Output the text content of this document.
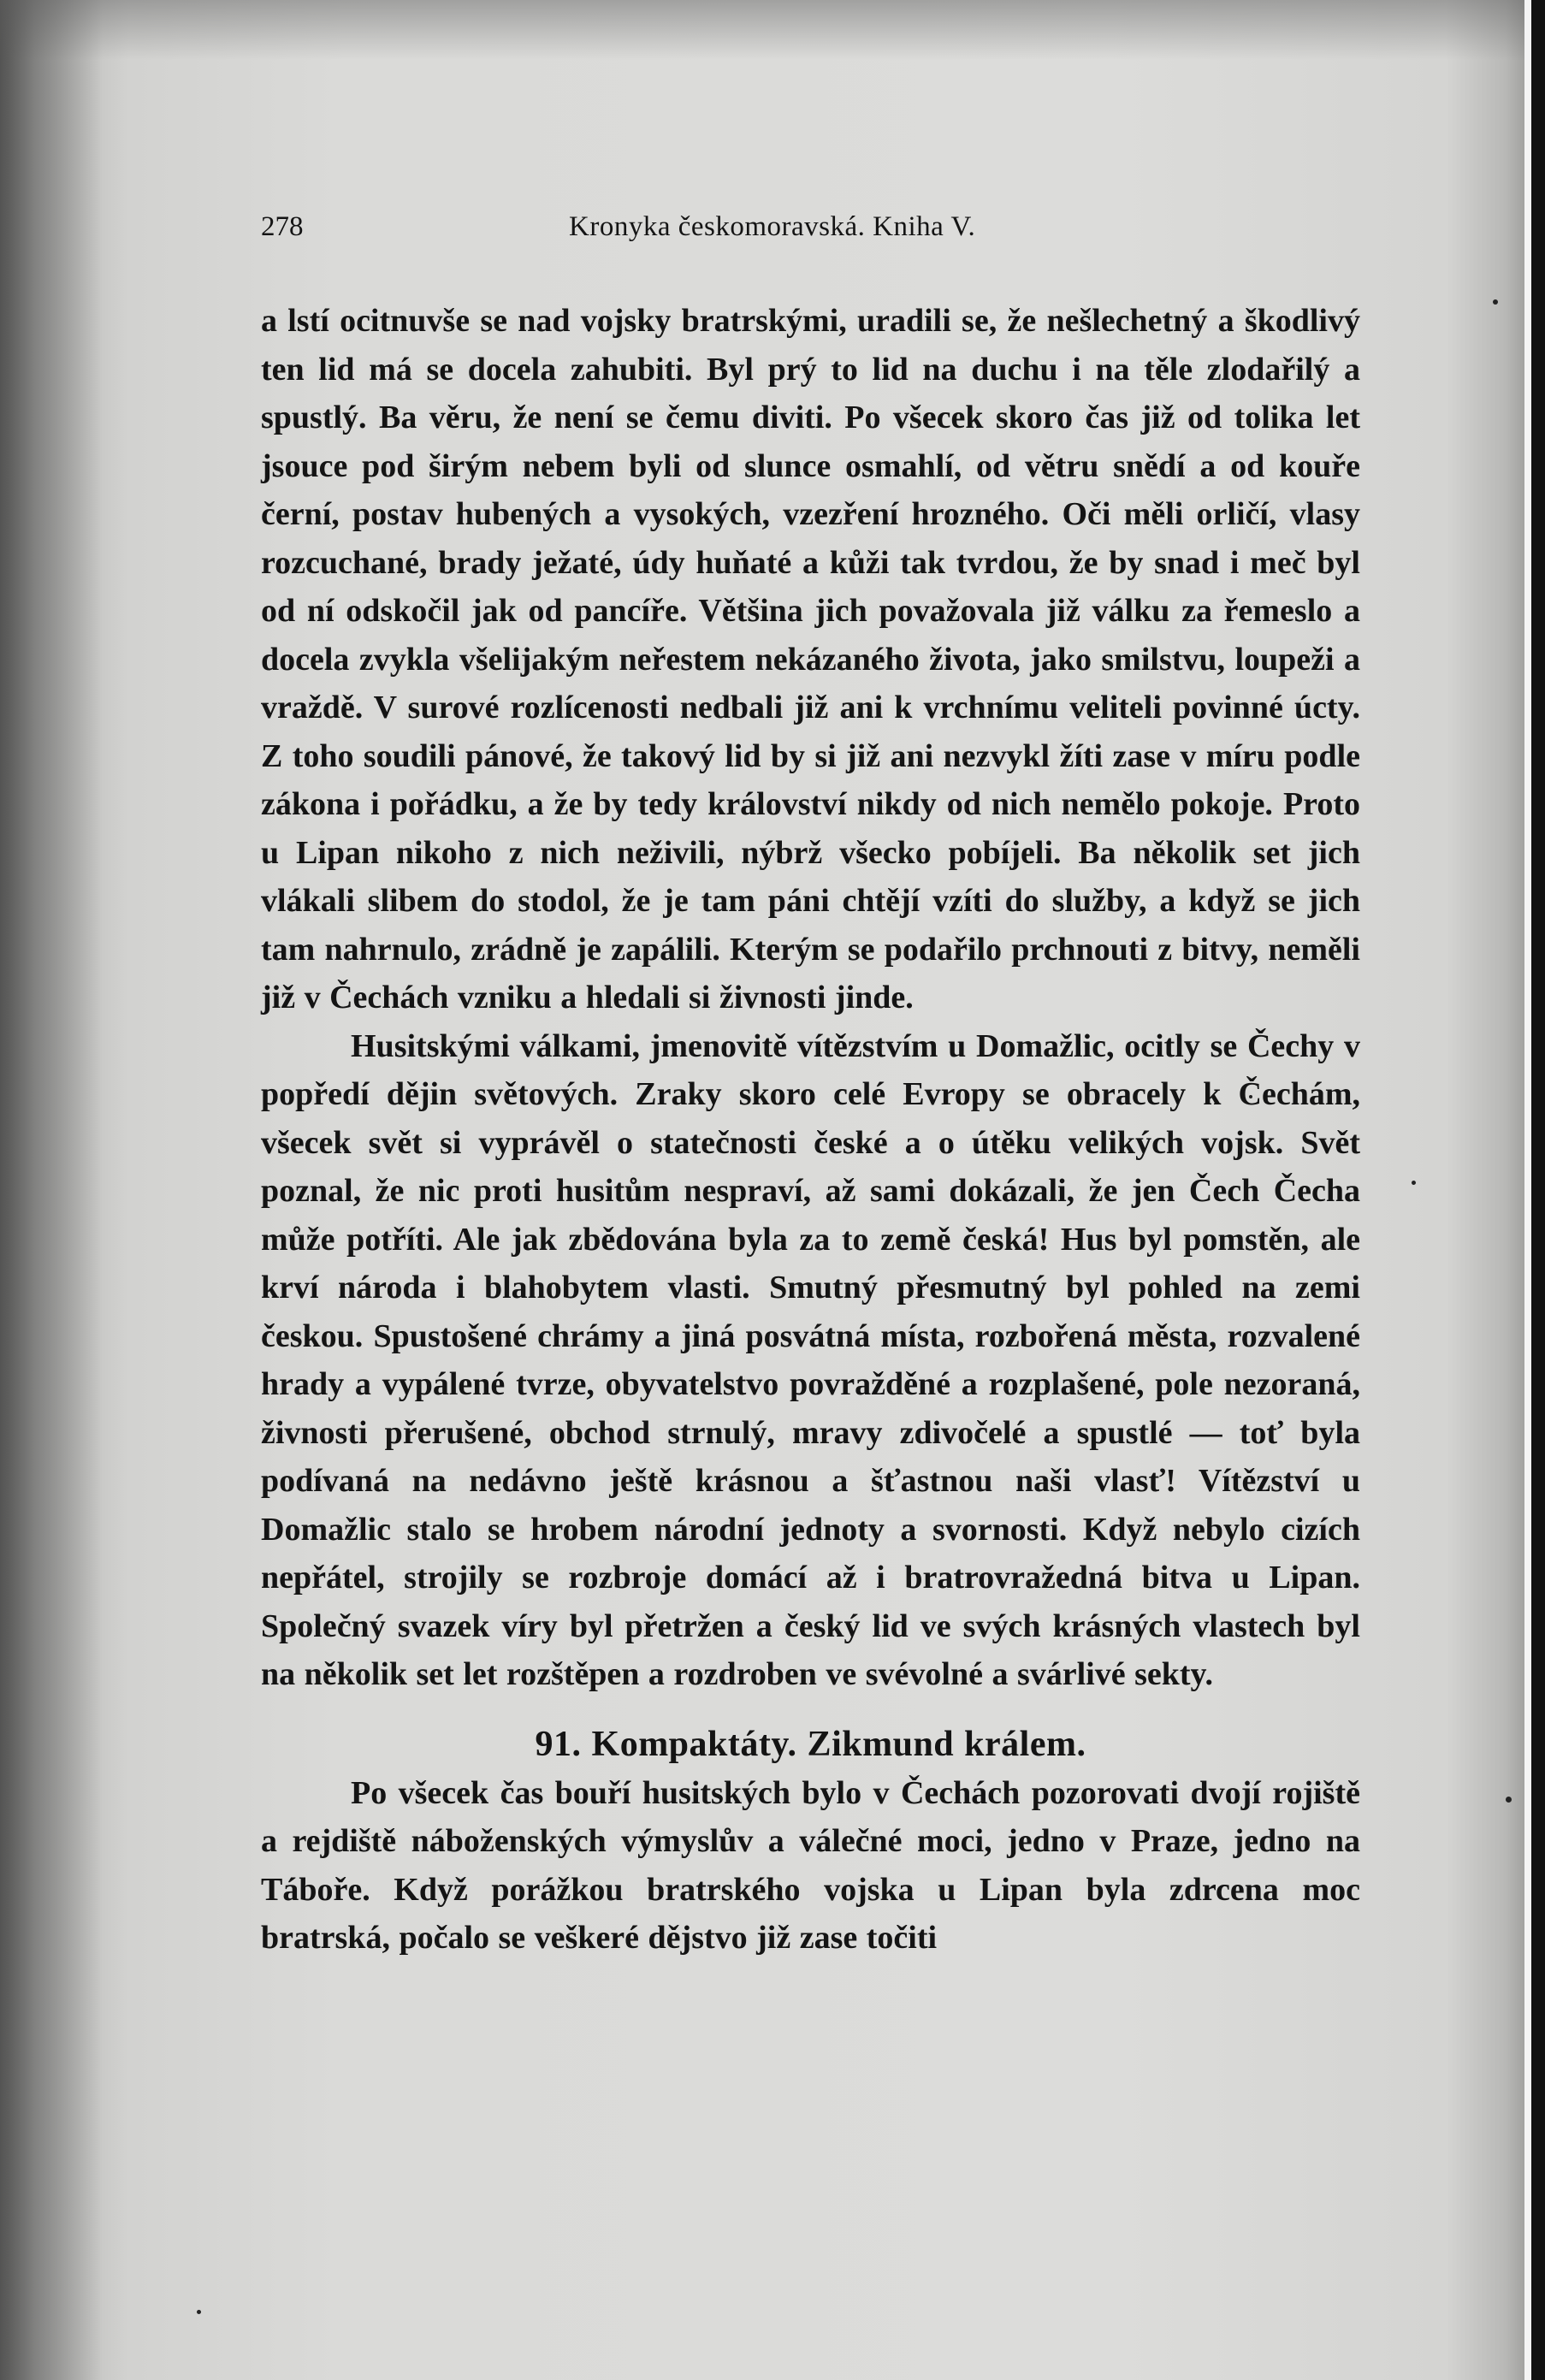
278	Kronyka českomoravská. Kniha V.

a lstí ocitnuvše se nad vojsky bratrskými, uradili se, že nešlechetný a škodlivý ten lid má se docela zahubiti. Byl prý to lid na duchu i na těle zlodařilý a spustlý. Ba věru, že není se čemu diviti. Po všecek skoro čas již od tolika let jsouce pod širým nebem byli od slunce osmahlí, od větru snědí a od kouře černí, postav hubených a vysokých, vzezření hrozného. Oči měli orličí, vlasy rozcuchané, brady ježaté, údy huňaté a kůži tak tvrdou, že by snad i meč byl od ní odskočil jak od pancíře. Většina jich považovala již válku za řemeslo a docela zvykla všelijakým neřestem nekázaného života, jako smilstvu, loupeži a vraždě. V surové rozlícenosti nedbali již ani k vrchnímu veliteli povinné úcty. Z toho soudili pánové, že takový lid by si již ani nezvykl žíti zase v míru podle zákona i pořádku, a že by tedy království nikdy od nich nemělo pokoje. Proto u Lipan nikoho z nich neživili, nýbrž všecko pobíjeli. Ba několik set jich vlákali slibem do stodol, že je tam páni chtějí vzíti do služby, a když se jich tam nahrnulo, zrádně je zapálili. Kterým se podařilo prchnouti z bitvy, neměli již v Čechách vzniku a hledali si živnosti jinde.

Husitskými válkami, jmenovitě vítězstvím u Domažlic, ocitly se Čechy v popředí dějin světových. Zraky skoro celé Evropy se obracely k Čechám, všecek svět si vyprávěl o statečnosti české a o útěku velikých vojsk. Svět poznal, že nic proti husitům nespraví, až sami dokázali, že jen Čech Čecha může potříti. Ale jak zbědována byla za to země česká! Hus byl pomstěn, ale krví národa i blahobytem vlasti. Smutný přesmutný byl pohled na zemi českou. Spustošené chrámy a jiná posvátná místa, rozbořená města, rozvalené hrady a vypálené tvrze, obyvatelstvo povražděné a rozplašené, pole nezoraná, živnosti přerušené, obchod strnulý, mravy zdivočelé a spustlé — toť byla podívaná na nedávno ještě krásnou a šťastnou naši vlasť! Vítězství u Domažlic stalo se hrobem národní jednoty a svornosti. Když nebylo cizích nepřátel, strojily se rozbroje domácí až i bratrovražedná bitva u Lipan. Společný svazek víry byl přetržen a český lid ve svých krásných vlastech byl na několik set let rozštěpen a rozdroben ve svévolné a svárlivé sekty.

91. Kompaktáty. Zikmund králem.

Po všecek čas bouří husitských bylo v Čechách pozorovati dvojí rojiště a rejdiště náboženských výmyslův a válečné moci, jedno v Praze, jedno na Táboře. Když porážkou bratrského vojska u Lipan byla zdrcena moc bratrská, počalo se veškeré dějstvo již zase točiti
